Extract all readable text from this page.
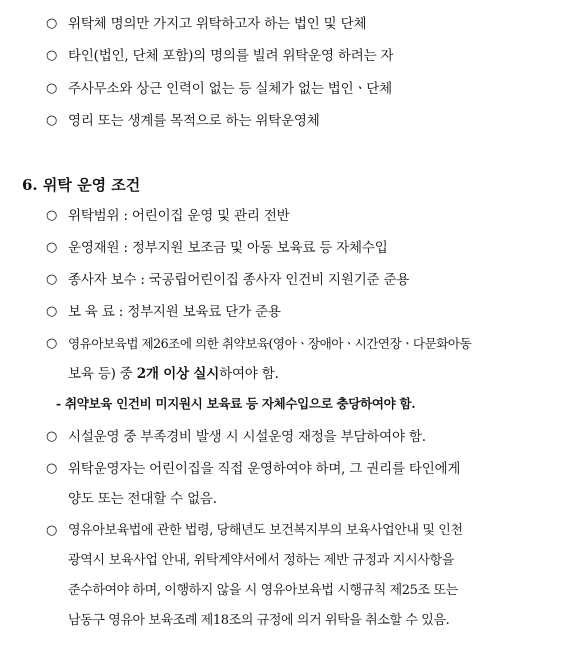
○ 위탁체 명의만 가지고 위탁하고자 하는 법인 및 단체
○ 타인(법인, 단체 포함)의 명의를 빌려 위탁운영 하려는 자
○ 주사무소와 상근 인력이 없는 등 실체가 없는 법인ㆍ단체
○ 영리 또는 생계를 목적으로 하는 위탁운영체
6. 위탁 운영 조건
○ 위탁범위 : 어린이집 운영 및 관리 전반
○ 운영재원 : 정부지원 보조금 및 아동 보육료 등 자체수입
○ 종사자 보수 : 국공립어린이집 종사자 인건비 지원기준 준용
○ 보 육 료 : 정부지원 보육료 단가 준용
○ 영유아보육법 제26조에 의한 취약보육(영아ㆍ장애아ㆍ시간연장ㆍ다문화아동
보육 등) 중 2개 이상 실시하여야 함.
- 취약보육 인건비 미지원시 보육료 등 자체수입으로 충당하여야 함.
○ 시설운영 중 부족경비 발생 시 시설운영 재정을 부담하여야 함.
○ 위탁운영자는 어린이집을 직접 운영하여야 하며, 그 권리를 타인에게
양도 또는 전대할 수 없음.
○ 영유아보육법에 관한 법령, 당해년도 보건복지부의 보육사업안내 및 인천
광역시 보육사업 안내, 위탁계약서에서 정하는 제반 규정과 지시사항을
준수하여야 하며, 이행하지 않을 시 영유아보육법 시행규칙 제25조 또는
남동구 영유아 보육조례 제18조의 규정에 의거 위탁을 취소할 수 있음.
